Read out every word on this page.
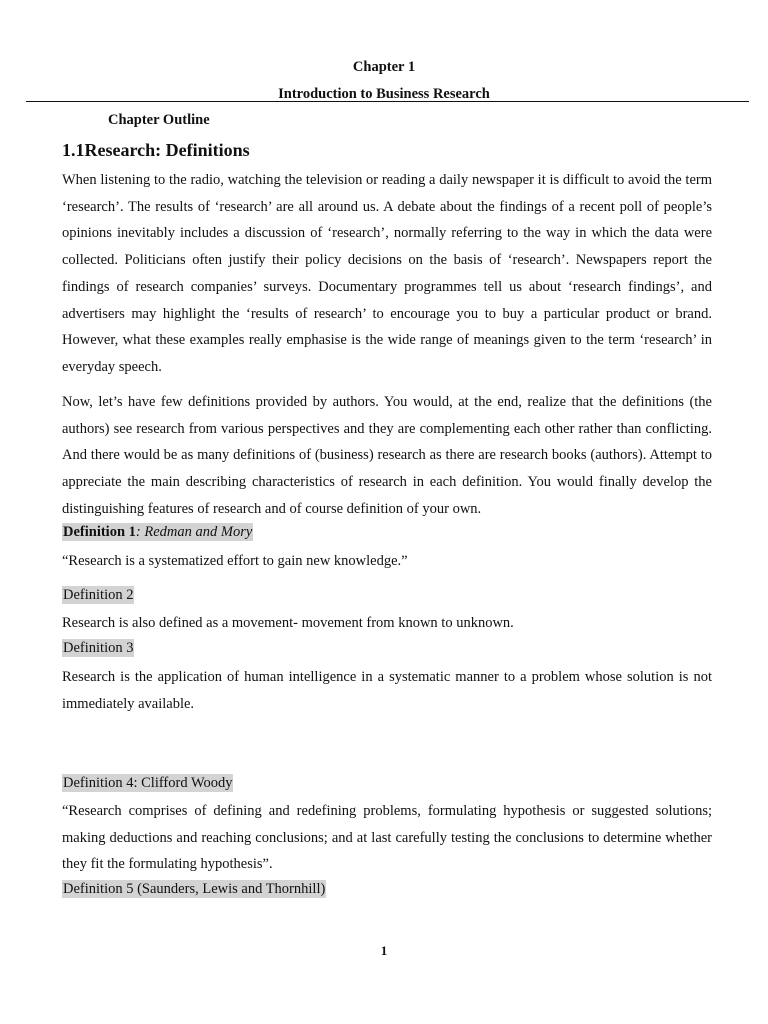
Chapter 1
Introduction to Business Research
Chapter Outline
1.1Research: Definitions
When listening to the radio, watching the television or reading a daily newspaper it is difficult to avoid the term ‘research’. The results of ‘research’ are all around us. A debate about the findings of a recent poll of people’s opinions inevitably includes a discussion of ‘research’, normally referring to the way in which the data were collected. Politicians often justify their policy decisions on the basis of ‘research’. Newspapers report the findings of research companies’ surveys. Documentary programmes tell us about ‘research findings’, and advertisers may highlight the ‘results of research’ to encourage you to buy a particular product or brand. However, what these examples really emphasise is the wide range of meanings given to the term ‘research’ in everyday speech.
Now, let’s have few definitions provided by authors. You would, at the end, realize that the definitions (the authors) see research from various perspectives and they are complementing each other rather than conflicting. And there would be as many definitions of (business) research as there are research books (authors). Attempt to appreciate the main describing characteristics of research in each definition. You would finally develop the distinguishing features of research and of course definition of your own.
Definition 1: Redman and Mory
“Research is a systematized effort to gain new knowledge.”
Definition 2
Research is also defined as a movement- movement from known to unknown.
Definition 3
Research is the application of human intelligence in a systematic manner to a problem whose solution is not immediately available.
Definition 4: Clifford Woody
“Research comprises of defining and redefining problems, formulating hypothesis or suggested solutions; making deductions and reaching conclusions; and at last carefully testing the conclusions to determine whether they fit the formulating hypothesis”.
Definition 5 (Saunders, Lewis and Thornhill)
1
